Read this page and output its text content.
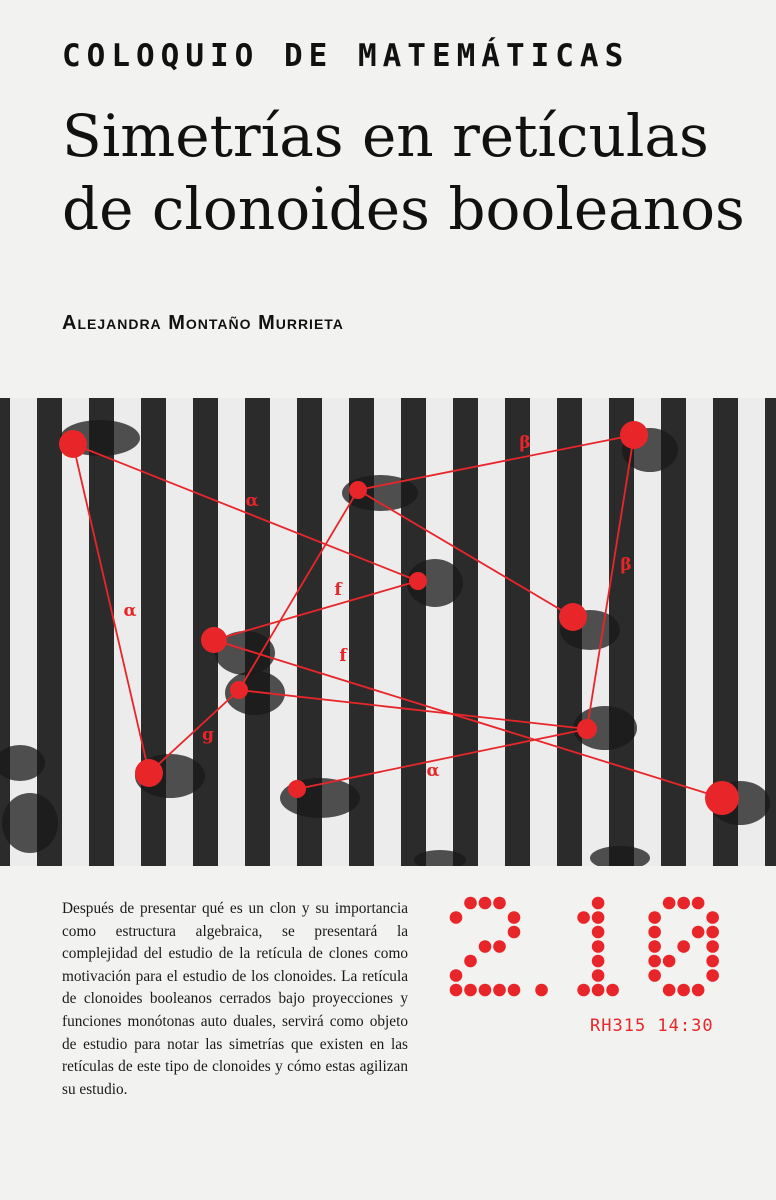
COLOQUIO DE MATEMÁTICAS
Simetrías en retículas de clonoides booleanos
Alejandra Montaño Murrieta
β
α
β
f
α
f
g
α

Después de presentar qué es un clon y su importancia como estructura algebraica, se presentará la complejidad del estudio de la retícula de clones como motivación para el estudio de los clonoides. La retícula de clonoides booleanos cerrados bajo proyecciones y funciones monótonas auto duales, servirá como objeto de estudio para notar las simetrías que existen en las retículas de este tipo de clonoides y cómo estas agilizan su estudio.

RH315 14:30
